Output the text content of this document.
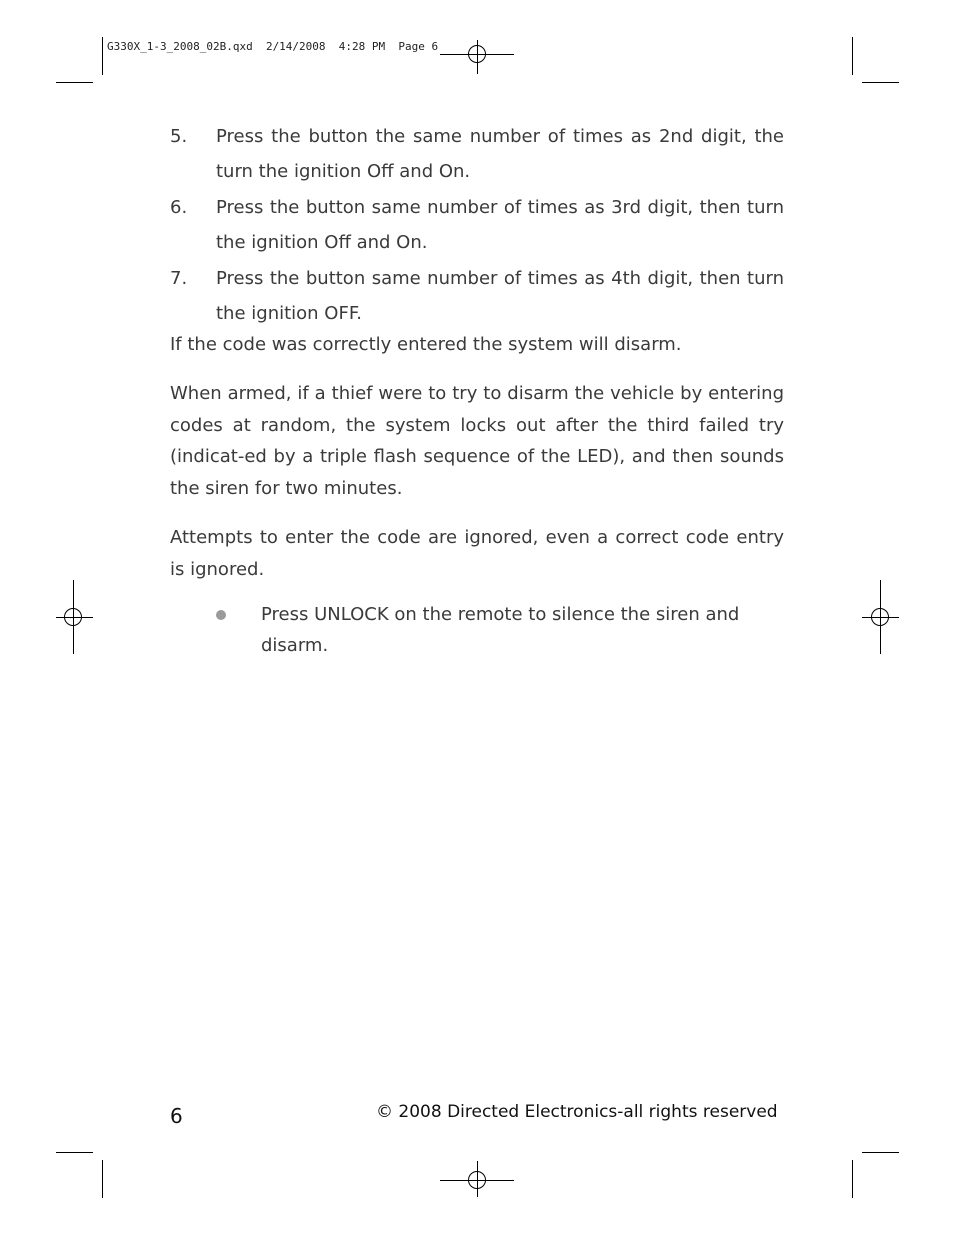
G330X_1-3_2008_02B.qxd  2/14/2008  4:28 PM  Page 6
5. Press the button the same number of times as 2nd digit, the turn the ignition Off and On.
6. Press the button same number of times as 3rd digit, then turn the ignition Off and On.
7. Press the button same number of times as 4th digit, then turn the ignition OFF.
If the code was correctly entered the system will disarm.
When armed, if a thief were to try to disarm the vehicle by entering codes at random, the system locks out after the third failed try (indicat-ed by a triple flash sequence of the LED), and then sounds the siren for two minutes.
Attempts to enter the code are ignored, even a correct code entry is ignored.
Press UNLOCK on the remote to silence the siren and disarm.
6	© 2008 Directed Electronics-all rights reserved
